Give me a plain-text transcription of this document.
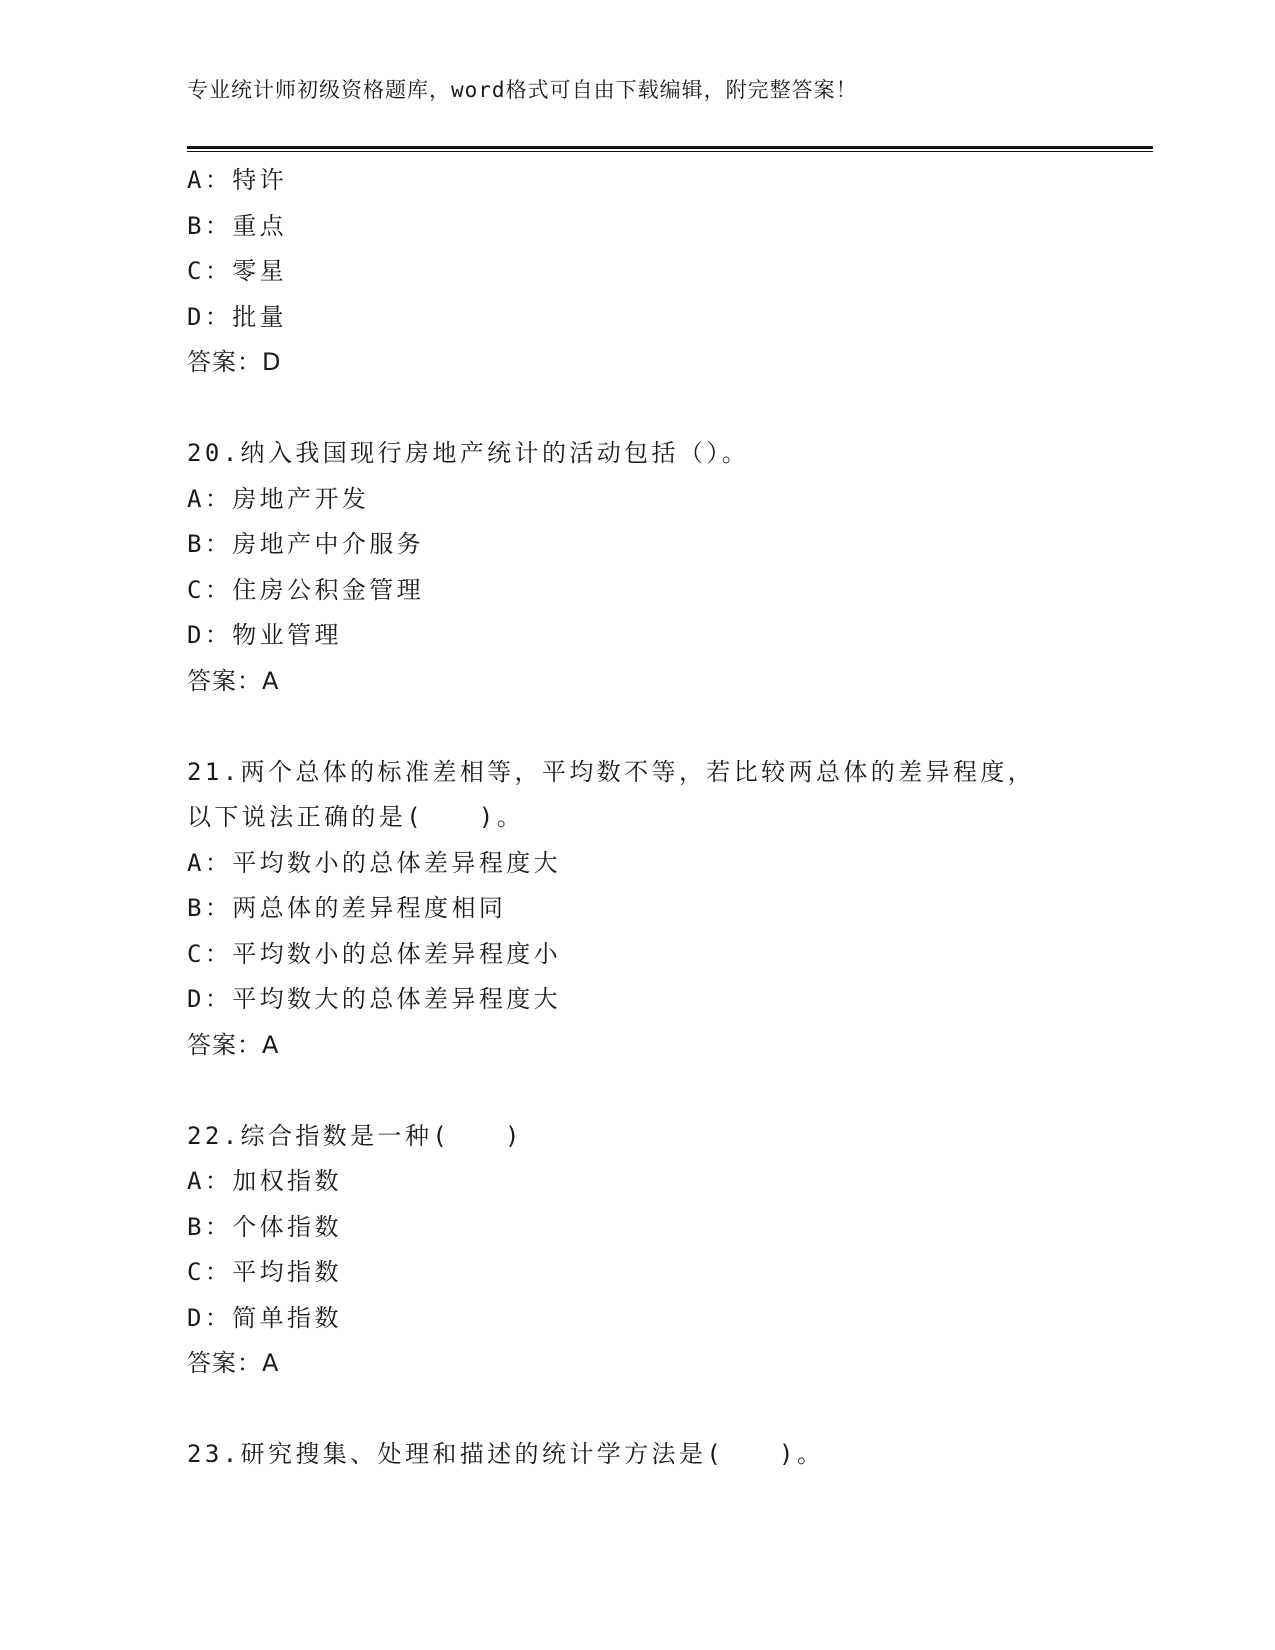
专业统计师初级资格题库，word格式可自由下载编辑，附完整答案！
A：特许
B：重点
C：零星
D：批量
答案：D
20.纳入我国现行房地产统计的活动包括（）。
A：房地产开发
B：房地产中介服务
C：住房公积金管理
D：物业管理
答案：A
21.两个总体的标准差相等，平均数不等，若比较两总体的差异程度，
以下说法正确的是(　　)。
A：平均数小的总体差异程度大
B：两总体的差异程度相同
C：平均数小的总体差异程度小
D：平均数大的总体差异程度大
答案：A
22.综合指数是一种(　　)
A：加权指数
B：个体指数
C：平均指数
D：简单指数
答案：A
23.研究搜集、处理和描述的统计学方法是(　　)。
